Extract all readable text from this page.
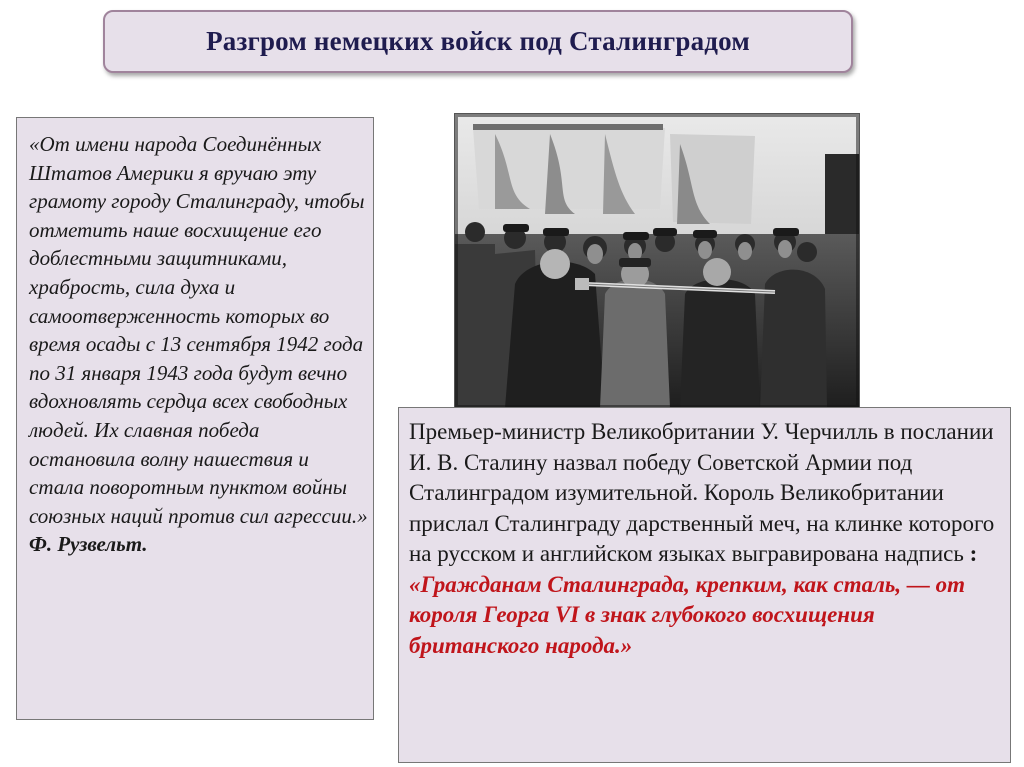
Разгром немецких войск под Сталинградом

«От имени народа Соединённых Штатов Америки я вручаю эту грамоту городу Сталинграду, чтобы отметить наше восхищение его доблестными защитниками, храбрость, сила духа и самоотверженность которых во время осады с 13 сентября 1942 года по 31 января 1943 года будут вечно вдохновлять сердца всех свободных людей. Их славная победа остановила волну нашествия и стала поворотным пунктом войны союзных наций против сил агрессии.» Ф. Рузвельт.

Премьер-министр Великобритании У. Черчилль в послании И. В. Сталину назвал победу Советской Армии под Сталинградом изумительной. Король Великобритании прислал Сталинграду дарственный меч, на клинке которого на русском и английском языках выгравирована надпись : «Гражданам Сталинграда, крепким, как сталь, — от короля Георга VI в знак глубокого восхищения британского народа.»
